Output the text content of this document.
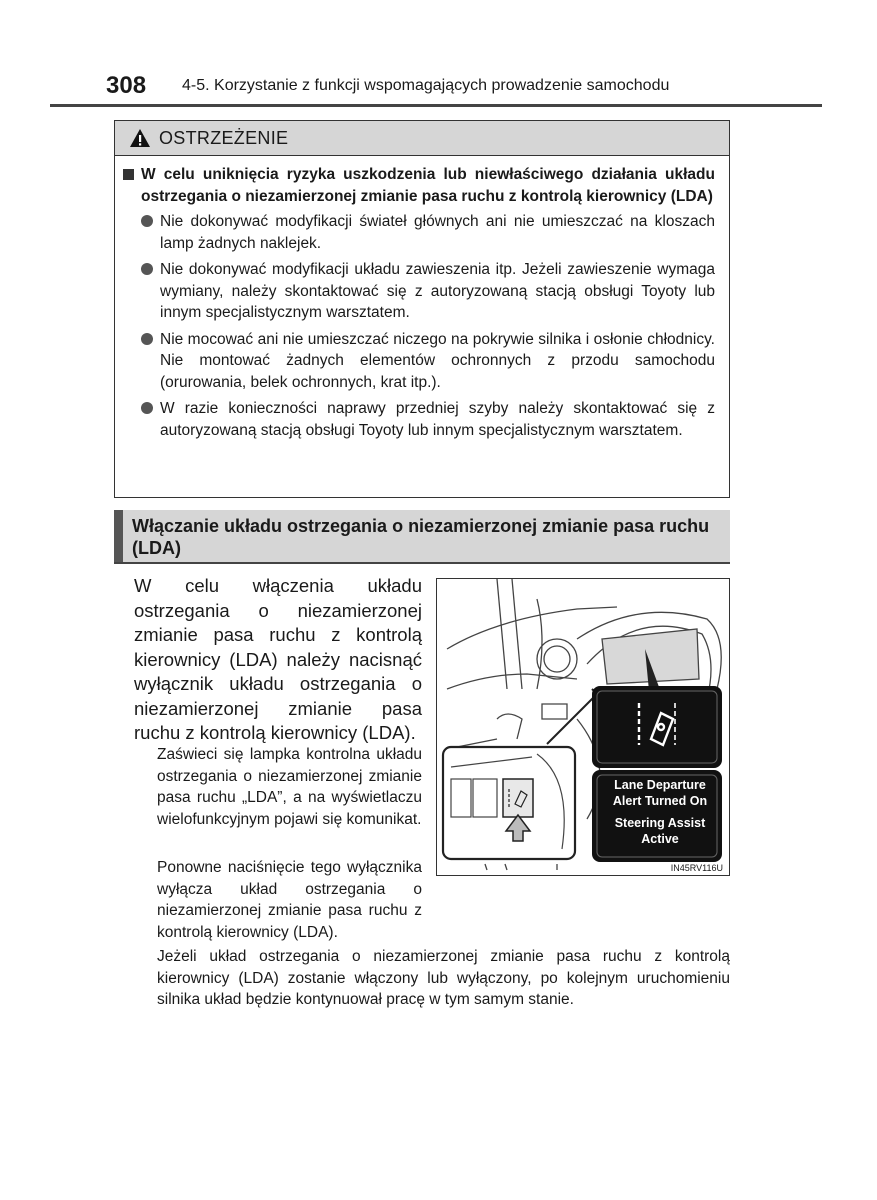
308 4-5. Korzystanie z funkcji wspomagających prowadzenie samochodu
OSTRZEŻENIE
W celu uniknięcia ryzyka uszkodzenia lub niewłaściwego działania układu ostrzegania o niezamierzonej zmianie pasa ruchu z kontrolą kierownicy (LDA)
Nie dokonywać modyfikacji świateł głównych ani nie umieszczać na kloszach lamp żadnych naklejek.
Nie dokonywać modyfikacji układu zawieszenia itp. Jeżeli zawieszenie wymaga wymiany, należy skontaktować się z autoryzowaną stacją obsługi Toyoty lub innym specjalistycznym warsztatem.
Nie mocować ani nie umieszczać niczego na pokrywie silnika i osłonie chłodnicy. Nie montować żadnych elementów ochronnych z przodu samochodu (orurowania, belek ochronnych, krat itp.).
W razie konieczności naprawy przedniej szyby należy skontaktować się z autoryzowaną stacją obsługi Toyoty lub innym specjalistycznym warsztatem.
Włączanie układu ostrzegania o niezamierzonej zmianie pasa ruchu (LDA)
W celu włączenia układu ostrzegania o niezamierzonej zmianie pasa ruchu z kontrolą kierownicy (LDA) należy nacisnąć wyłącznik układu ostrzegania o niezamierzonej zmianie pasa ruchu z kontrolą kierownicy (LDA).
Zaświeci się lampka kontrolna układu ostrzegania o niezamierzonej zmianie pasa ruchu „LDA”, a na wyświetlaczu wielofunkcyjnym pojawi się komunikat.
Ponowne naciśnięcie tego wyłącznika wyłącza układ ostrzegania o niezamierzonej zmianie pasa ruchu z kontrolą kierownicy (LDA).
Jeżeli układ ostrzegania o niezamierzonej zmianie pasa ruchu z kontrolą kierownicy (LDA) zostanie włączony lub wyłączony, po kolejnym uruchomieniu silnika układ będzie kontynuował pracę w tym samym stanie.
Lane Departure
Alert Turned On
Steering Assist
Active
IN45RV116U
